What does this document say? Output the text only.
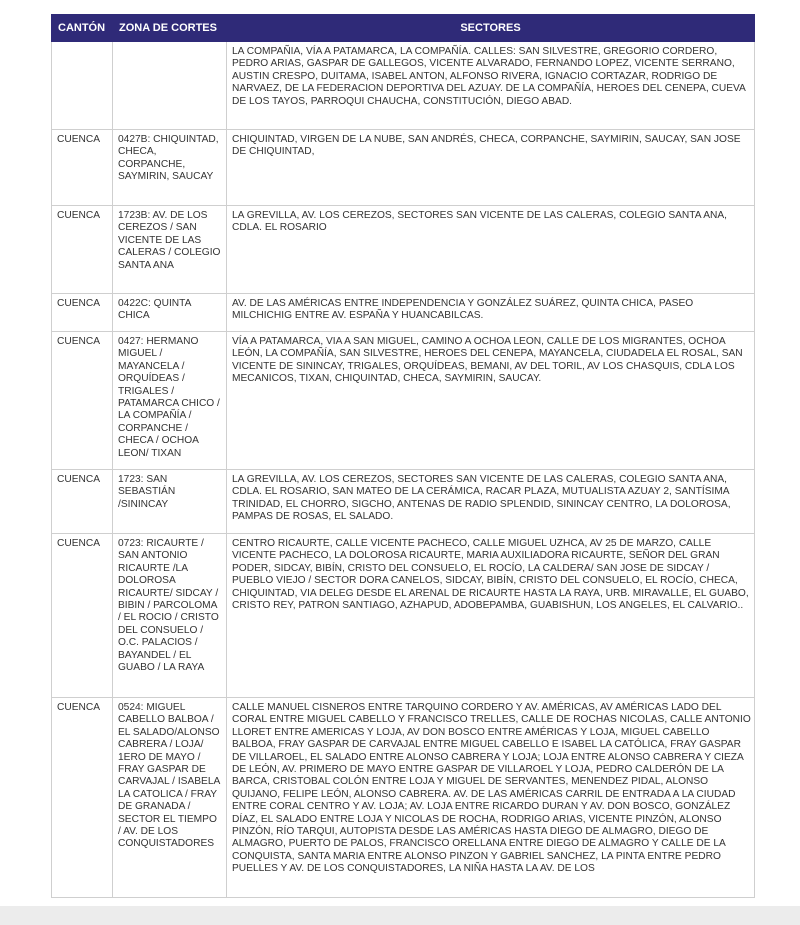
CANTÓN	ZONA DE CORTES	SECTORES
		LA COMPAÑIA, VÍA A PATAMARCA, LA COMPAÑÍA. CALLES: SAN SILVESTRE, GREGORIO CORDERO, PEDRO ARIAS, GASPAR DE GALLEGOS, VICENTE ALVARADO, FERNANDO LOPEZ, VICENTE SERRANO, AUSTIN CRESPO, DUITAMA, ISABEL ANTON, ALFONSO RIVERA, IGNACIO CORTAZAR, RODRIGO DE NARVAEZ, DE LA FEDERACION DEPORTIVA DEL AZUAY. DE LA COMPAÑÍA, HEROES DEL CENEPA, CUEVA DE LOS TAYOS, PARROQUI CHAUCHA, CONSTITUCIÓN, DIEGO ABAD.
CUENCA	0427B: CHIQUINTAD, CHECA, CORPANCHE, SAYMIRIN, SAUCAY	CHIQUINTAD, VIRGEN DE LA NUBE, SAN ANDRÉS, CHECA, CORPANCHE, SAYMIRIN, SAUCAY, SAN JOSE DE CHIQUINTAD,
CUENCA	1723B: AV. DE LOS CEREZOS / SAN VICENTE DE LAS CALERAS / COLEGIO SANTA ANA	LA GREVILLA, AV. LOS CEREZOS, SECTORES SAN VICENTE DE LAS CALERAS, COLEGIO SANTA ANA, CDLA. EL ROSARIO
CUENCA	0422C: QUINTA CHICA	AV. DE LAS AMÉRICAS ENTRE INDEPENDENCIA Y GONZÁLEZ SUÁREZ, QUINTA CHICA, PASEO MILCHICHIG ENTRE AV. ESPAÑA Y HUANCABILCAS.
CUENCA	0427: HERMANO MIGUEL / MAYANCELA / ORQUÍDEAS / TRIGALES / PATAMARCA CHICO / LA COMPAÑÍA / CORPANCHE / CHECA / OCHOA LEON/ TIXAN	VÍA A PATAMARCA, VIA A SAN MIGUEL, CAMINO A OCHOA LEON, CALLE DE LOS MIGRANTES, OCHOA LEÓN, LA COMPAÑÍA, SAN SILVESTRE, HEROES DEL CENEPA, MAYANCELA, CIUDADELA EL ROSAL, SAN VICENTE DE SININCAY, TRIGALES, ORQUÍDEAS, BEMANI, AV DEL TORIL, AV LOS CHASQUIS, CDLA LOS MECANICOS, TIXAN, CHIQUINTAD, CHECA, SAYMIRIN, SAUCAY.
CUENCA	1723: SAN SEBASTIÁN /SININCAY	LA GREVILLA, AV. LOS CEREZOS, SECTORES SAN VICENTE DE LAS CALERAS, COLEGIO SANTA ANA, CDLA. EL ROSARIO, SAN MATEO DE LA CERÁMICA, RACAR PLAZA, MUTUALISTA AZUAY 2, SANTÍSIMA TRINIDAD, EL CHORRO, SIGCHO, ANTENAS DE RADIO SPLENDID, SININCAY CENTRO, LA DOLOROSA, PAMPAS DE ROSAS, EL SALADO.
CUENCA	0723: RICAURTE / SAN ANTONIO RICAURTE /LA DOLOROSA RICAURTE/ SIDCAY / BIBIN / PARCOLOMA / EL ROCIO / CRISTO DEL CONSUELO / O.C. PALACIOS / BAYANDEL / EL GUABO / LA RAYA	CENTRO RICAURTE, CALLE VICENTE PACHECO, CALLE MIGUEL UZHCA, AV 25 DE MARZO, CALLE VICENTE PACHECO, LA DOLOROSA RICAURTE, MARIA AUXILIADORA RICAURTE, SEÑOR DEL GRAN PODER, SIDCAY, BIBÍN, CRISTO DEL CONSUELO, EL ROCÍO, LA CALDERA/ SAN JOSE DE SIDCAY / PUEBLO VIEJO / SECTOR DORA CANELOS, SIDCAY, BIBÍN, CRISTO DEL CONSUELO, EL ROCÍO, CHECA, CHIQUINTAD, VIA DELEG DESDE EL ARENAL DE RICAURTE HASTA LA RAYA, URB. MIRAVALLE, EL GUABO, CRISTO REY, PATRON SANTIAGO, AZHAPUD, ADOBEPAMBA, GUABISHUN, LOS ANGELES, EL CALVARIO..
CUENCA	0524: MIGUEL CABELLO BALBOA / EL SALADO/ALONSO CABRERA / LOJA/ 1ERO DE MAYO / FRAY GASPAR DE CARVAJAL / ISABELA LA CATOLICA / FRAY DE GRANADA / SECTOR EL TIEMPO / AV. DE LOS CONQUISTADORES	CALLE MANUEL CISNEROS ENTRE TARQUINO CORDERO Y AV. AMÉRICAS, AV AMÉRICAS LADO DEL CORAL ENTRE MIGUEL CABELLO Y FRANCISCO TRELLES, CALLE DE ROCHAS NICOLAS, CALLE ANTONIO LLORET ENTRE AMERICAS Y LOJA, AV DON BOSCO ENTRE AMÉRICAS Y LOJA, MIGUEL CABELLO BALBOA, FRAY GASPAR DE CARVAJAL ENTRE MIGUEL CABELLO E ISABEL LA CATÓLICA, FRAY GASPAR DE VILLAROEL, EL SALADO ENTRE ALONSO CABRERA Y LOJA; LOJA ENTRE ALONSO CABRERA Y CIEZA DE LEÓN, AV. PRIMERO DE MAYO ENTRE GASPAR DE VILLAROEL Y LOJA, PEDRO CALDERÓN DE LA BARCA, CRISTOBAL COLÓN ENTRE LOJA Y MIGUEL DE SERVANTES, MENENDEZ PIDAL, ALONSO QUIJANO, FELIPE LEÓN, ALONSO CABRERA. AV. DE LAS AMÉRICAS CARRIL DE ENTRADA A LA CIUDAD ENTRE CORAL CENTRO Y AV. LOJA; AV. LOJA ENTRE RICARDO DURAN Y AV. DON BOSCO, GONZÁLEZ DÍAZ, EL SALADO ENTRE LOJA Y NICOLAS DE ROCHA, RODRIGO ARIAS, VICENTE PINZÓN, ALONSO PINZÓN, RÍO TARQUI, AUTOPISTA DESDE LAS AMÉRICAS HASTA DIEGO DE ALMAGRO, DIEGO DE ALMAGRO, PUERTO DE PALOS, FRANCISCO ORELLANA ENTRE DIEGO DE ALMAGRO Y CALLE DE LA CONQUISTA, SANTA MARIA ENTRE ALONSO PINZON Y GABRIEL SANCHEZ, LA PINTA ENTRE PEDRO PUELLES Y AV. DE LOS CONQUISTADORES, LA NIÑA HASTA LA AV. DE LOS
